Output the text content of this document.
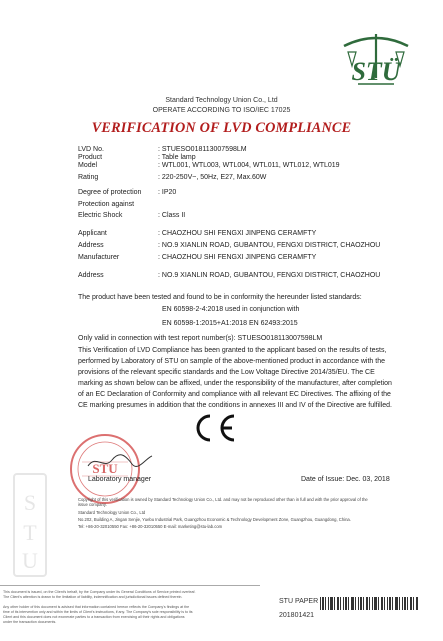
S
T
U
STÜ
Standard Technology Union Co., Ltd
OPERATE ACCORDING TO ISO/IEC 17025
VERIFICATION OF LVD COMPLIANCE
LVD No.	: STUESO018113007598LM
Product	: Table lamp
Model	: WTL001, WTL003, WTL004, WTL011, WTL012, WTL019
Rating	: 220-250V~, 50Hz, E27, Max.60W
Degree of protection : IP20
Protection against
Electric Shock	: Class II
Applicant	: CHAOZHOU SHI FENGXI JINPENG CERAMFTY
Address	: NO.9 XIANLIN ROAD, GUBANTOU, FENGXI DISTRICT, CHAOZHOU
Manufacturer	: CHAOZHOU SHI FENGXI JINPENG CERAMFTY
Address	: NO.9 XIANLIN ROAD, GUBANTOU, FENGXI DISTRICT, CHAOZHOU
The product have been tested and found to be in conformity the hereunder listed standards:
EN 60598-2-4:2018 used in conjunction with
EN 60598-1:2015+A1:2018 EN 62493:2015
Only valid in connection with test report number(s): STUESO018113007598LM
This Verification of LVD Compliance has been granted to the applicant based on the results of tests,
performed by Laboratory of STU on sample of the above-mentioned product in accordance with the
provisions of the relevant specific standards and the Low Voltage Directive 2014/35/EU. The CE
marking as shown below can be affixed, under the responsibility of the manufacturer, after completion
of an EC Declaration of Conformity and compliance with all relevant EC Directives. The affixing of the
CE marking presumes in addition that the conditions in annexes III and IV of the Directive are fulfilled.
STU
Laboratory manager	Date of Issue: Dec. 03, 2018
Copyright of this verification is owned by Standard Technology Union Co., Ltd. and may not be reproduced other than in full and with the prior approval of the
issue company.
Standard Technology Union Co., Ltd
No.202, Building A, Jingan Senjie, Yuebu Industrial Park, Guangzhou Economic & Technology Development Zone, Guangzhou, Guangdong, China.
Tel: +86-20-32010550 Fax: +86-20-32010550 E-mail: marketing@stu-lab.com
This document is issued, on the Client's behalf, by the Company under its General Conditions of Service printed overleaf.
The Client's attention is drawn to the limitation of liability, indemnification and jurisdictional issues defined therein.
Any other holder of this document is advised that information contained hereon reflects the Company's findings at the
time of its intervention only and within the limits of Client's instructions, if any. The Company's sole responsibility is to its
Client and this document does not exonerate parties to a transaction from exercising all their rights and obligations
under the transaction documents.
STU PAPER
201801421
